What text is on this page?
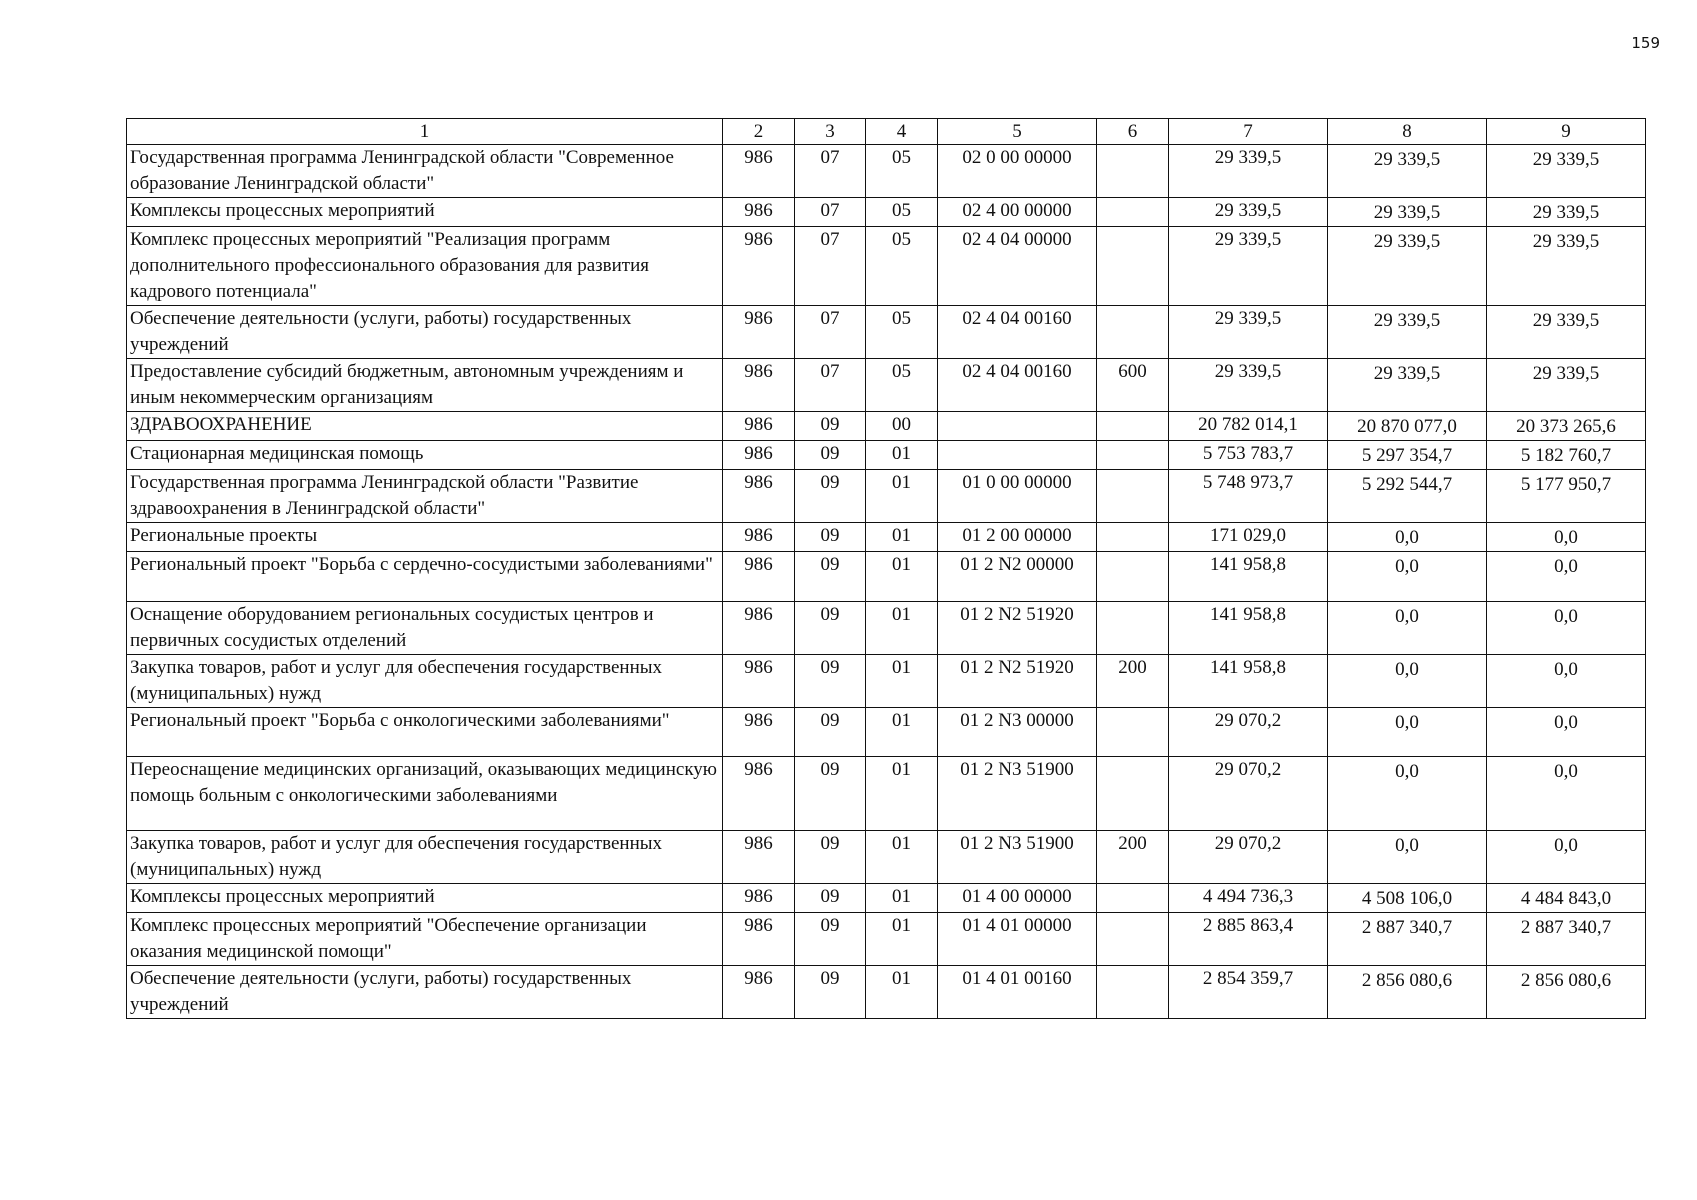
159
1	2	3	4	5	6	7	8	9
Государственная программа Ленинградской области "Современное образование Ленинградской области"	986	07	05	02 0 00 00000		29 339,5	29 339,5	29 339,5
Комплексы процессных мероприятий	986	07	05	02 4 00 00000		29 339,5	29 339,5	29 339,5
Комплекс процессных мероприятий "Реализация программ дополнительного профессионального образования для развития кадрового потенциала"	986	07	05	02 4 04 00000		29 339,5	29 339,5	29 339,5
Обеспечение деятельности (услуги, работы) государственных учреждений	986	07	05	02 4 04 00160		29 339,5	29 339,5	29 339,5
Предоставление субсидий бюджетным, автономным учреждениям и иным некоммерческим организациям	986	07	05	02 4 04 00160	600	29 339,5	29 339,5	29 339,5
ЗДРАВООХРАНЕНИЕ	986	09	00			20 782 014,1	20 870 077,0	20 373 265,6
Стационарная медицинская помощь	986	09	01			5 753 783,7	5 297 354,7	5 182 760,7
Государственная программа Ленинградской области "Развитие здравоохранения в Ленинградской области"	986	09	01	01 0 00 00000		5 748 973,7	5 292 544,7	5 177 950,7
Региональные проекты	986	09	01	01 2 00 00000		171 029,0	0,0	0,0
Региональный проект "Борьба с сердечно-сосудистыми заболеваниями"	986	09	01	01 2 N2 00000		141 958,8	0,0	0,0
Оснащение оборудованием региональных сосудистых центров и первичных сосудистых отделений	986	09	01	01 2 N2 51920		141 958,8	0,0	0,0
Закупка товаров, работ и услуг для обеспечения государственных (муниципальных) нужд	986	09	01	01 2 N2 51920	200	141 958,8	0,0	0,0
Региональный проект "Борьба с онкологическими заболеваниями"	986	09	01	01 2 N3 00000		29 070,2	0,0	0,0
Переоснащение медицинских организаций, оказывающих медицинскую помощь больным с онкологическими заболеваниями	986	09	01	01 2 N3 51900		29 070,2	0,0	0,0
Закупка товаров, работ и услуг для обеспечения государственных (муниципальных) нужд	986	09	01	01 2 N3 51900	200	29 070,2	0,0	0,0
Комплексы процессных мероприятий	986	09	01	01 4 00 00000		4 494 736,3	4 508 106,0	4 484 843,0
Комплекс процессных мероприятий "Обеспечение организации оказания медицинской помощи"	986	09	01	01 4 01 00000		2 885 863,4	2 887 340,7	2 887 340,7
Обеспечение деятельности (услуги, работы) государственных учреждений	986	09	01	01 4 01 00160		2 854 359,7	2 856 080,6	2 856 080,6
